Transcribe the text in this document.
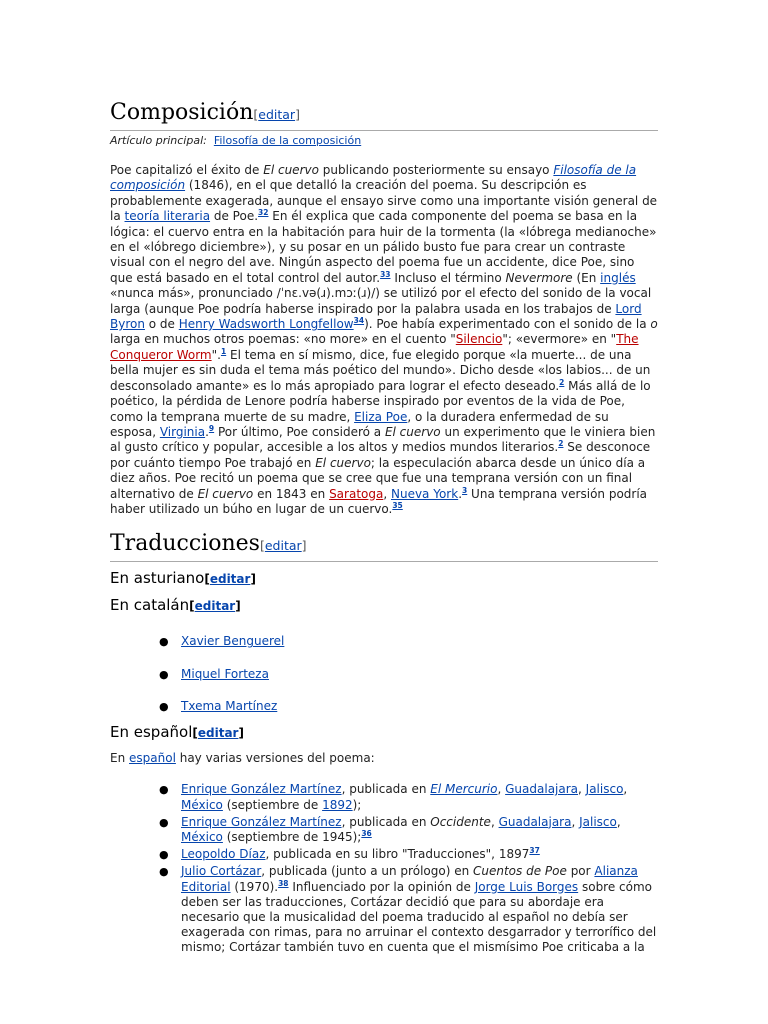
Composición[editar]
Artículo principal: Filosofía de la composición

Poe capitalizó el éxito de El cuervo publicando posteriormente su ensayo Filosofía de la composición (1846), en el que detalló la creación del poema. Su descripción es probablemente exagerada, aunque el ensayo sirve como una importante visión general de la teoría literaria de Poe.$^{32}$ En él explica que cada componente del poema se basa en la lógica: el cuervo entra en la habitación para huir de la tormenta (la «lóbrega medianoche» en el «lóbrego diciembre»), y su posar en un pálido busto fue para crear un contraste visual con el negro del ave. Ningún aspecto del poema fue un accidente, dice Poe, sino que está basado en el total control del autor.$^{33}$ Incluso el término Nevermore (En inglés «nunca más», pronunciado /ˈnɛ.və(ɹ).mɔː(ɹ)/) se utilizó por el efecto del sonido de la vocal larga (aunque Poe podría haberse inspirado por la palabra usada en los trabajos de Lord Byron o de Henry Wadsworth Longfellow$^{34}$). Poe había experimentado con el sonido de la o larga en muchos otros poemas: «no more» en el cuento "Silencio"; «evermore» en "The Conqueror Worm".$^1$ El tema en sí mismo, dice, fue elegido porque «la muerte... de una bella mujer es sin duda el tema más poético del mundo». Dicho desde «los labios... de un desconsolado amante» es lo más apropiado para lograr el efecto deseado.$^2$ Más allá de lo poético, la pérdida de Lenore podría haberse inspirado por eventos de la vida de Poe, como la temprana muerte de su madre, Eliza Poe, o la duradera enfermedad de su esposa, Virginia.$^9$ Por último, Poe consideró a El cuervo un experimento que le viniera bien al gusto crítico y popular, accesible a los altos y medios mundos literarios.$^2$ Se desconoce por cuánto tiempo Poe trabajó en El cuervo; la especulación abarca desde un único día a diez años. Poe recitó un poema que se cree que fue una temprana versión con un final alternativo de El cuervo en 1843 en Saratoga, Nueva York.$^3$ Una temprana versión podría haber utilizado un búho en lugar de un cuervo.$^{35}$

Traducciones[editar]
En asturiano[editar]
En catalán[editar]
● Xavier Benguerel
● Miquel Forteza
● Txema Martínez
En español[editar]

En español hay varias versiones del poema:

● Enrique González Martínez, publicada en El Mercurio, Guadalajara, Jalisco, México (septiembre de 1892);
● Enrique González Martínez, publicada en Occidente, Guadalajara, Jalisco, México (septiembre de 1945);$^{36}$
● Leopoldo Díaz, publicada en su libro "Traducciones", 1897$^{37}$
● Julio Cortázar, publicada (junto a un prólogo) en Cuentos de Poe por Alianza Editorial (1970).$^{38}$ Influenciado por la opinión de Jorge Luis Borges sobre cómo deben ser las traducciones, Cortázar decidió que para su abordaje era necesario que la musicalidad del poema traducido al español no debía ser exagerada con rimas, para no arruinar el contexto desgarrador y terrorífico del mismo; Cortázar también tuvo en cuenta que el mismísimo Poe criticaba a la
